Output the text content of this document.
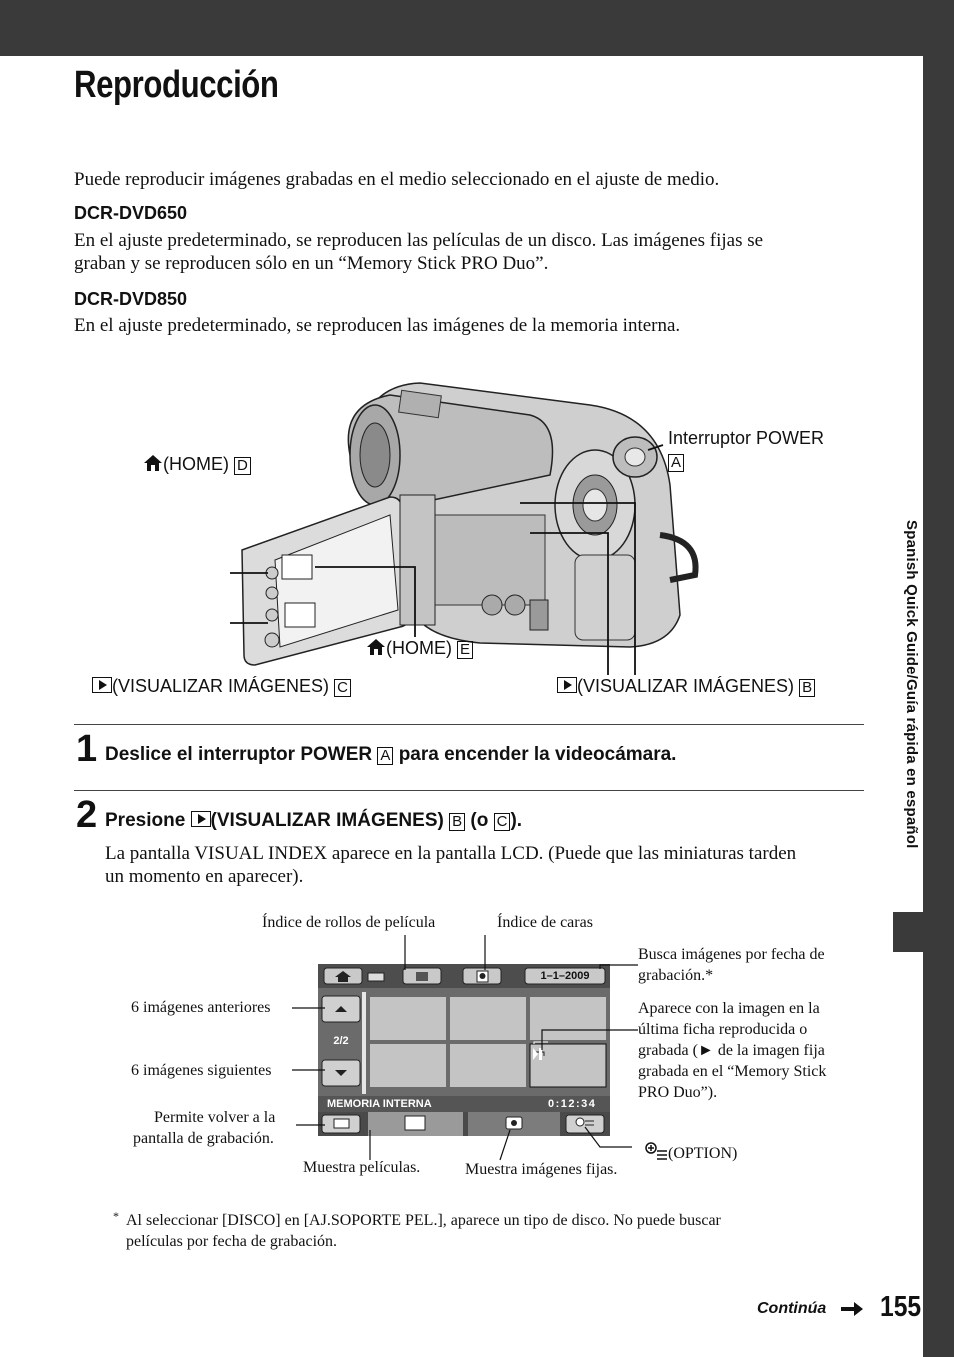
Spanish Quick Guide/Guía rápida en español
Reproducción
Puede reproducir imágenes grabadas en el medio seleccionado en el ajuste de medio.
DCR-DVD650
En el ajuste predeterminado, se reproducen las películas de un disco. Las imágenes fijas se
graban y se reproducen sólo en un “Memory Stick PRO Duo”.
DCR-DVD850
En el ajuste predeterminado, se reproducen las imágenes de la memoria interna.
(HOME) D
Interruptor POWER
A
(HOME) E
(VISUALIZAR IMÁGENES) C	(VISUALIZAR IMÁGENES) B
1 Deslice el interruptor POWER A para encender la videocámara.
2 Presione (VISUALIZAR IMÁGENES) B (o C ).
La pantalla VISUAL INDEX aparece en la pantalla LCD. (Puede que las miniaturas tarden
un momento en aparecer).
1–1–2009
2/2
MEMORIA INTERNA	0:12:34
Índice de rollos de película	Índice de caras
Busca imágenes por fecha de
grabación.*
6 imágenes anteriores
6 imágenes siguientes
Aparece con la imagen en la
última ficha reproducida o
grabada (► de la imagen fija
grabada en el “Memory Stick
PRO Duo”).
Permite volver a la
pantalla de grabación.
Muestra películas.	Muestra imágenes fijas.
(OPTION)
* Al seleccionar [DISCO] en [AJ.SOPORTE PEL.], aparece un tipo de disco. No puede buscar
películas por fecha de grabación.
Continúa 155
